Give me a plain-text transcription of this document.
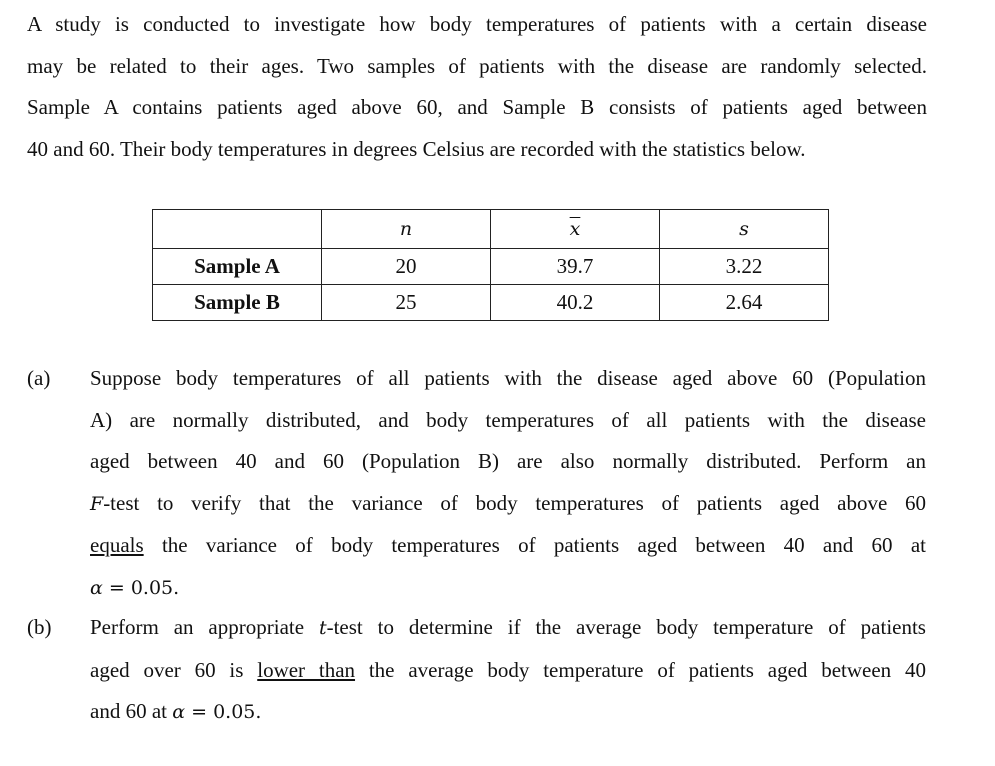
A study is conducted to investigate how body temperatures of patients with a certain disease
may be related to their ages. Two samples of patients with the disease are randomly selected.
Sample A contains patients aged above 60, and Sample B consists of patients aged between
40 and 60. Their body temperatures in degrees Celsius are recorded with the statistics below.
	n	$\overline{x}$	s
Sample A	20	39.7	3.22
Sample B	25	40.2	2.64
(a) Suppose body temperatures of all patients with the disease aged above 60 (Population
A) are normally distributed, and body temperatures of all patients with the disease
aged between 40 and 60 (Population B) are also normally distributed. Perform an
F-test to verify that the variance of body temperatures of patients aged above 60
equals the variance of body temperatures of patients aged between 40 and 60 at
α = 0.05.
(b) Perform an appropriate t-test to determine if the average body temperature of patients
aged over 60 is lower than the average body temperature of patients aged between 40
and 60 at α = 0.05.
